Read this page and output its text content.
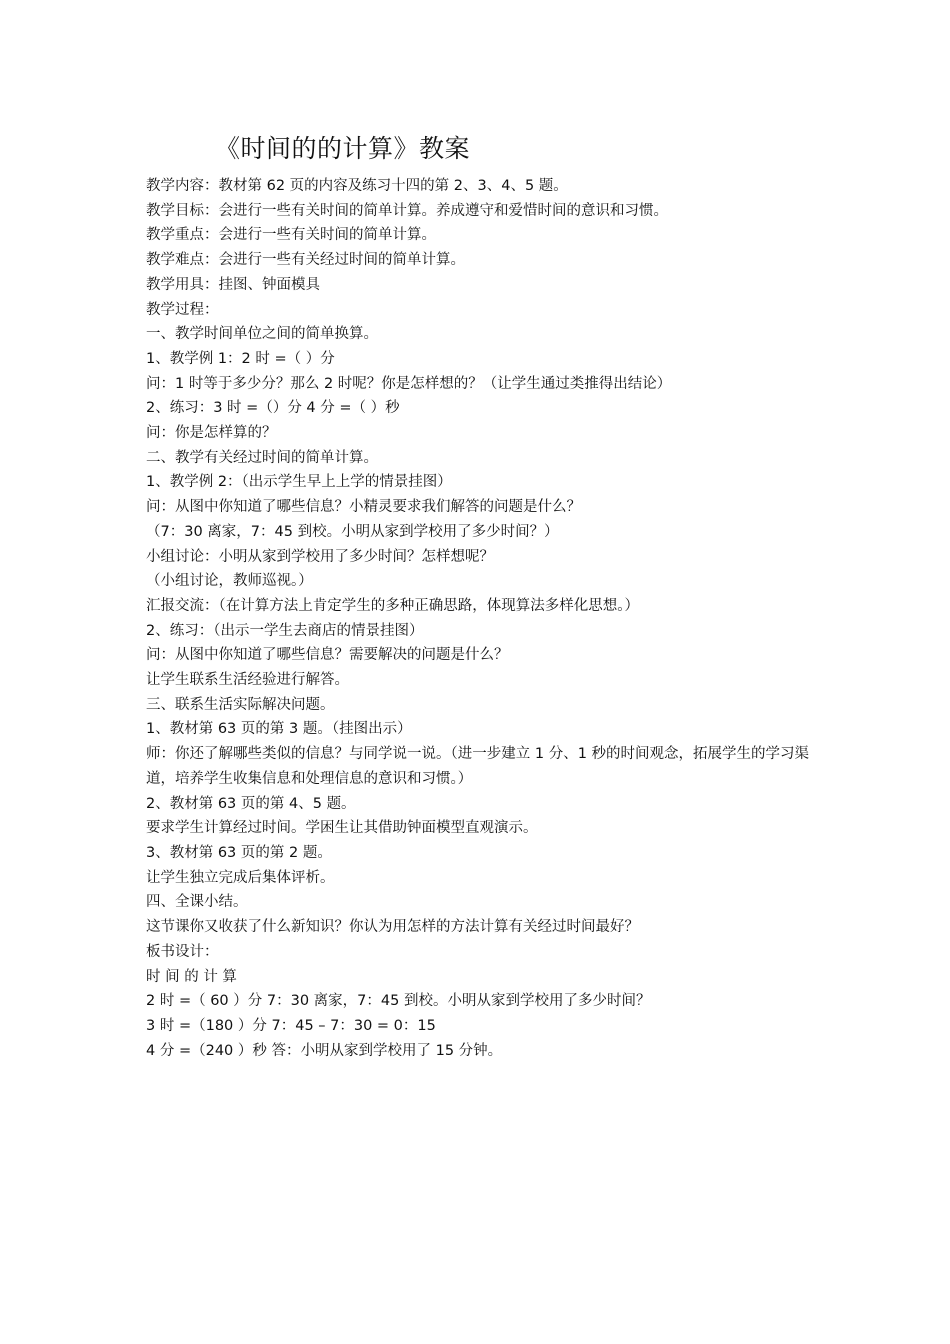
《时间的的计算》教案
教学内容：教材第 62 页的内容及练习十四的第 2、3、4、5 题。
教学目标：会进行一些有关时间的简单计算。养成遵守和爱惜时间的意识和习惯。
教学重点：会进行一些有关时间的简单计算。
教学难点：会进行一些有关经过时间的简单计算。
教学用具：挂图、钟面模具
教学过程：
一、教学时间单位之间的简单换算。
1、教学例 1：2 时 =（ ）分
问：1 时等于多少分？那么 2 时呢？你是怎样想的？（让学生通过类推得出结论）
2、练习：3 时 =（）分 4 分 =（ ）秒
问：你是怎样算的？
二、教学有关经过时间的简单计算。
1、教学例 2：（出示学生早上上学的情景挂图）
问：从图中你知道了哪些信息？小精灵要求我们解答的问题是什么？
（7：30 离家，7：45 到校。小明从家到学校用了多少时间？）
小组讨论：小明从家到学校用了多少时间？怎样想呢？
（小组讨论，教师巡视。）
汇报交流：（在计算方法上肯定学生的多种正确思路，体现算法多样化思想。）
2、练习：（出示一学生去商店的情景挂图）
问：从图中你知道了哪些信息？需要解决的问题是什么？
让学生联系生活经验进行解答。
三、联系生活实际解决问题。
1、教材第 63 页的第 3 题。（挂图出示）
师：你还了解哪些类似的信息？与同学说一说。（进一步建立 1 分、1 秒的时间观念，拓展学生的学习渠道，培养学生收集信息和处理信息的意识和习惯。）
2、教材第 63 页的第 4、5 题。
要求学生计算经过时间。学困生让其借助钟面模型直观演示。
3、教材第 63 页的第 2 题。
让学生独立完成后集体评析。
四、全课小结。
这节课你又收获了什么新知识？你认为用怎样的方法计算有关经过时间最好？
板书设计：
时 间 的 计 算
2 时 =（ 60 ）分 7：30 离家，7：45 到校。小明从家到学校用了多少时间？
3 时 =（180 ）分 7：45 – 7：30 = 0：15
4 分 =（240 ）秒 答：小明从家到学校用了 15 分钟。
